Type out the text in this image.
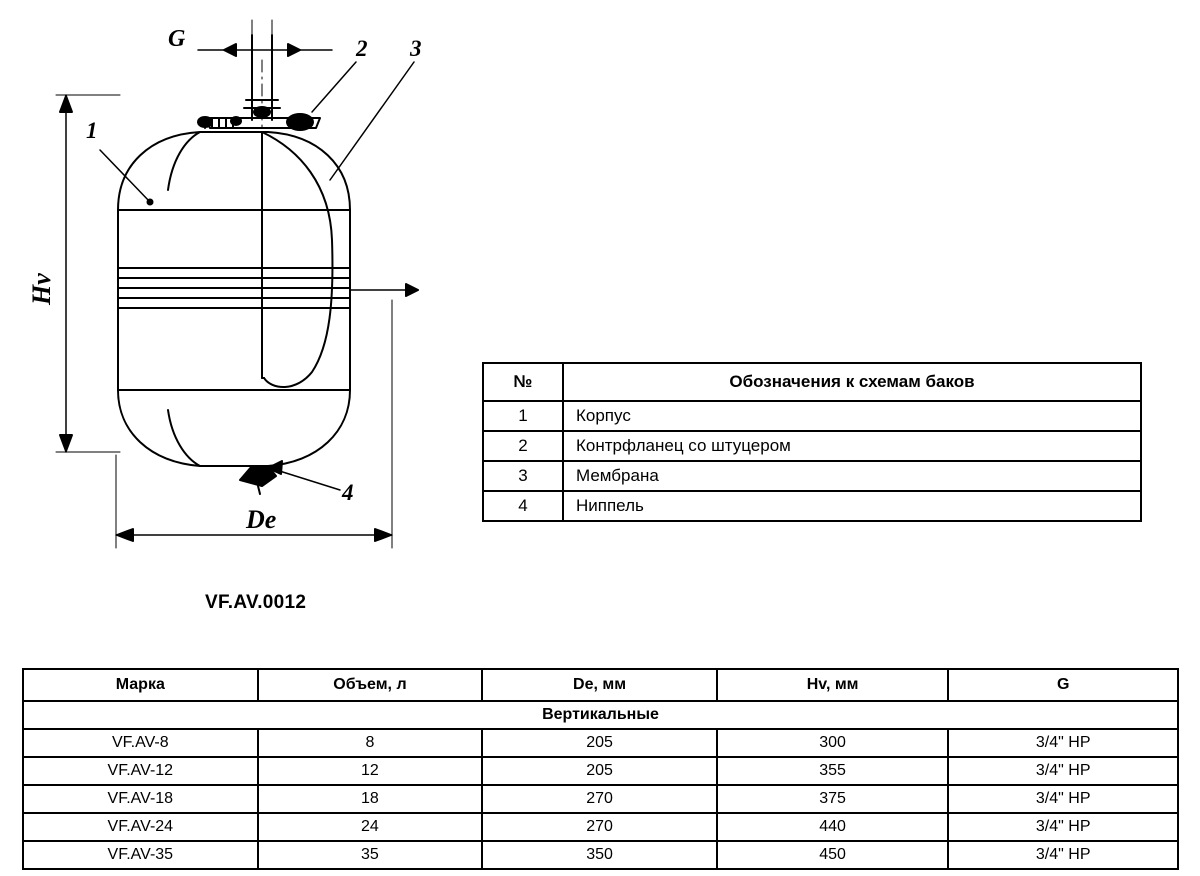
G
Hv
De
1
2 3
4
№	Обозначения к схемам баков
1	Корпус
2	Контрфланец со штуцером
3	Мембрана
4	Ниппель
VF.AV.0012
Марка	Объем, л	De, мм	Hv, мм	G
Вертикальные				
VF.AV-8	8	205	300	3/4" НР
VF.AV-12	12	205	355	3/4" НР
VF.AV-18	18	270	375	3/4" НР
VF.AV-24	24	270	440	3/4" НР
VF.AV-35	35	350	450	3/4" НР
